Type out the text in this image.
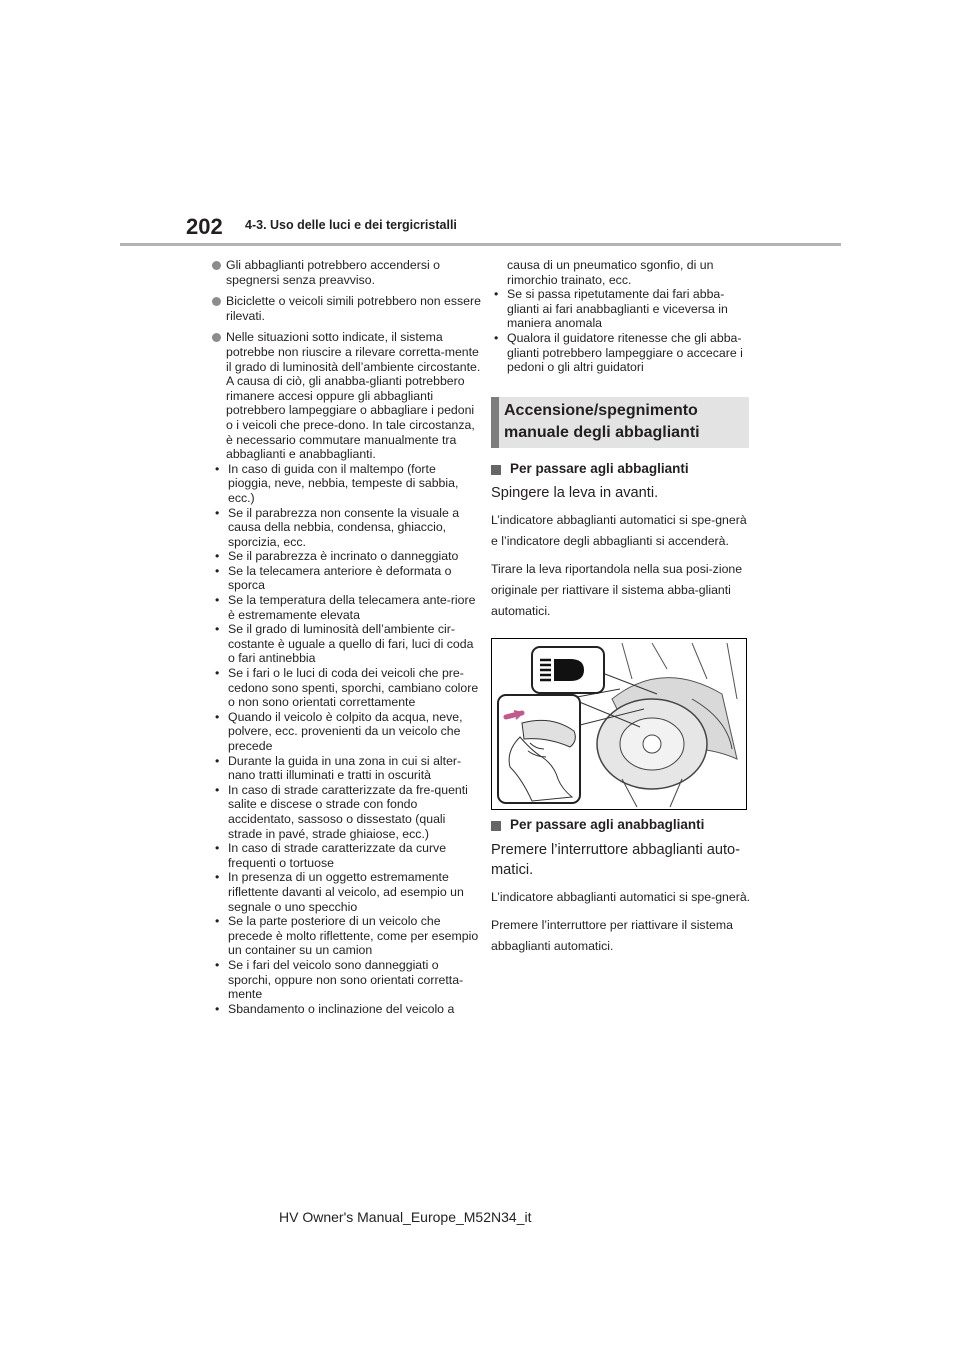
202 4-3. Uso delle luci e dei tergicristalli
Gli abbaglianti potrebbero accendersi o spegnersi senza preavviso.
Biciclette o veicoli simili potrebbero non essere rilevati.
Nelle situazioni sotto indicate, il sistema potrebbe non riuscire a rilevare corretta-mente il grado di luminosità dell’ambiente circostante. A causa di ciò, gli anabba-glianti potrebbero rimanere accesi oppure gli abbaglianti potrebbero lampeggiare o abbagliare i pedoni o i veicoli che prece-dono. In tale circostanza, è necessario commutare manualmente tra abbaglianti e anabbaglianti.
• In caso di guida con il maltempo (forte pioggia, neve, nebbia, tempeste di sabbia, ecc.)
• Se il parabrezza non consente la visuale a causa della nebbia, condensa, ghiaccio, sporcizia, ecc.
• Se il parabrezza è incrinato o danneggiato
• Se la telecamera anteriore è deformata o sporca
• Se la temperatura della telecamera ante-riore è estremamente elevata
• Se il grado di luminosità dell’ambiente cir-costante è uguale a quello di fari, luci di coda o fari antinebbia
• Se i fari o le luci di coda dei veicoli che pre-cedono sono spenti, sporchi, cambiano colore o non sono orientati correttamente
• Quando il veicolo è colpito da acqua, neve, polvere, ecc. provenienti da un veicolo che precede
• Durante la guida in una zona in cui si alter-nano tratti illuminati e tratti in oscurità
• In caso di strade caratterizzate da fre-quenti salite e discese o strade con fondo accidentato, sassoso o dissestato (quali strade in pavé, strade ghiaiose, ecc.)
• In caso di strade caratterizzate da curve frequenti o tortuose
• In presenza di un oggetto estremamente riflettente davanti al veicolo, ad esempio un segnale o uno specchio
• Se la parte posteriore di un veicolo che precede è molto riflettente, come per esempio un container su un camion
• Se i fari del veicolo sono danneggiati o sporchi, oppure non sono orientati corretta-mente
• Sbandamento o inclinazione del veicolo a
causa di un pneumatico sgonfio, di un rimorchio trainato, ecc.
• Se si passa ripetutamente dai fari abba-glianti ai fari anabbaglianti e viceversa in maniera anomala
• Qualora il guidatore ritenesse che gli abba-glianti potrebbero lampeggiare o accecare i pedoni o gli altri guidatori
Accensione/spegnimento manuale degli abbaglianti
Per passare agli abbaglianti
Spingere la leva in avanti.
L’indicatore abbaglianti automatici si spe-gnerà e l’indicatore degli abbaglianti si accenderà.
Tirare la leva riportandola nella sua posi-zione originale per riattivare il sistema abba-glianti automatici.
Per passare agli anabbaglianti
Premere l’interruttore abbaglianti auto-matici.
L’indicatore abbaglianti automatici si spe-gnerà.
Premere l’interruttore per riattivare il sistema abbaglianti automatici.
HV Owner's Manual_Europe_M52N34_it
